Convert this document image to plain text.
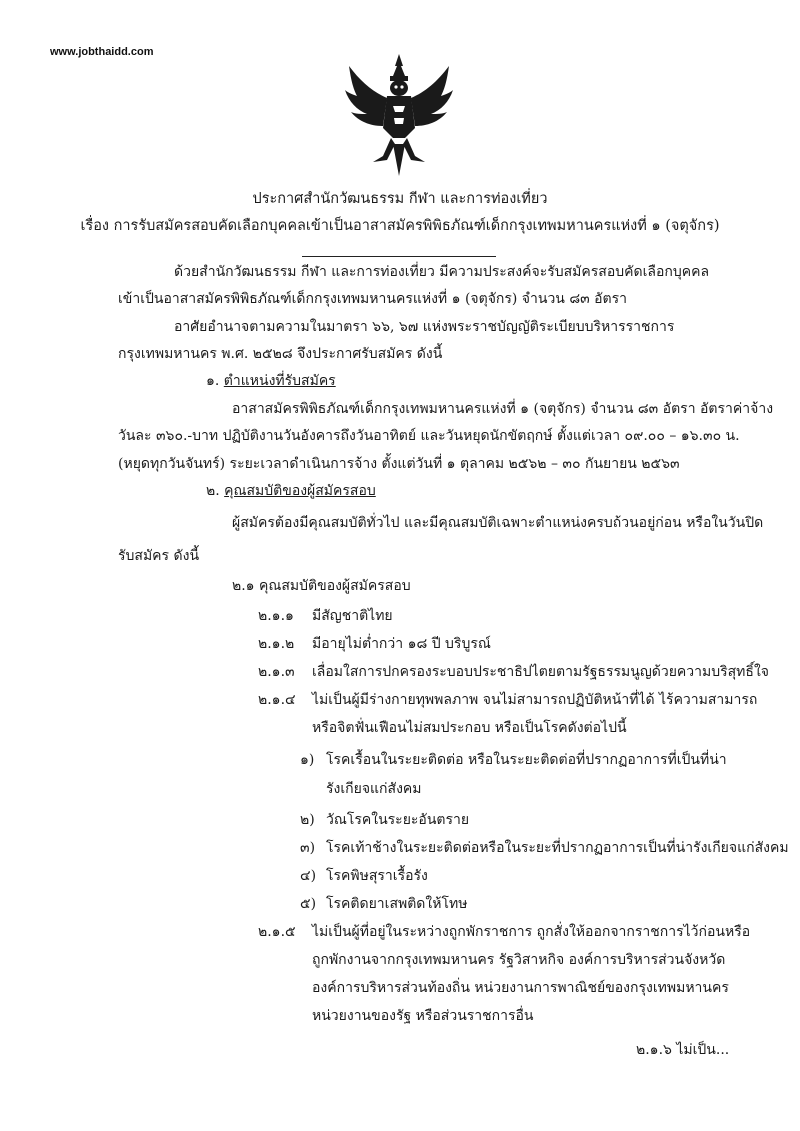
www.jobthaidd.com
ประกาศสำนักวัฒนธรรม กีฬา และการท่องเที่ยว
เรื่อง การรับสมัครสอบคัดเลือกบุคคลเข้าเป็นอาสาสมัครพิพิธภัณฑ์เด็กกรุงเทพมหานครแห่งที่ ๑ (จตุจักร)
ด้วยสำนักวัฒนธรรม กีฬา และการท่องเที่ยว มีความประสงค์จะรับสมัครสอบคัดเลือกบุคคล
เข้าเป็นอาสาสมัครพิพิธภัณฑ์เด็กกรุงเทพมหานครแห่งที่ ๑ (จตุจักร) จำนวน ๘๓ อัตรา
อาศัยอำนาจตามความในมาตรา ๖๖, ๖๗ แห่งพระราชบัญญัติระเบียบบริหารราชการ
กรุงเทพมหานคร พ.ศ. ๒๕๒๘ จึงประกาศรับสมัคร ดังนี้
๑. ตำแหน่งที่รับสมัคร
อาสาสมัครพิพิธภัณฑ์เด็กกรุงเทพมหานครแห่งที่ ๑ (จตุจักร) จำนวน ๘๓ อัตรา อัตราค่าจ้าง
วันละ ๓๖๐.-บาท ปฏิบัติงานวันอังคารถึงวันอาทิตย์ และวันหยุดนักขัตฤกษ์ ตั้งแต่เวลา ๐๙.๐๐ – ๑๖.๓๐ น.
(หยุดทุกวันจันทร์) ระยะเวลาดำเนินการจ้าง ตั้งแต่วันที่ ๑ ตุลาคม ๒๕๖๒ – ๓๐ กันยายน ๒๕๖๓
๒. คุณสมบัติของผู้สมัครสอบ
ผู้สมัครต้องมีคุณสมบัติทั่วไป และมีคุณสมบัติเฉพาะตำแหน่งครบถ้วนอยู่ก่อน หรือในวันปิด
รับสมัคร ดังนี้
๒.๑ คุณสมบัติของผู้สมัครสอบ
๒.๑.๑ มีสัญชาติไทย
๒.๑.๒ มีอายุไม่ต่ำกว่า ๑๘ ปี บริบูรณ์
๒.๑.๓ เลื่อมใสการปกครองระบอบประชาธิปไตยตามรัฐธรรมนูญด้วยความบริสุทธิ์ใจ
๒.๑.๔ ไม่เป็นผู้มีร่างกายทุพพลภาพ จนไม่สามารถปฏิบัติหน้าที่ได้ ไร้ความสามารถ
หรือจิตฟั่นเฟือนไม่สมประกอบ หรือเป็นโรคดังต่อไปนี้
๑) โรคเรื้อนในระยะติดต่อ หรือในระยะติดต่อที่ปรากฏอาการที่เป็นที่น่า
รังเกียจแก่สังคม
๒) วัณโรคในระยะอันตราย
๓) โรคเท้าช้างในระยะติดต่อหรือในระยะที่ปรากฏอาการเป็นที่น่ารังเกียจแก่สังคม
๔) โรคพิษสุราเรื้อรัง
๕) โรคติดยาเสพติดให้โทษ
๒.๑.๕ ไม่เป็นผู้ที่อยู่ในระหว่างถูกพักราชการ ถูกสั่งให้ออกจากราชการไว้ก่อนหรือ
ถูกพักงานจากกรุงเทพมหานคร รัฐวิสาหกิจ องค์การบริหารส่วนจังหวัด
องค์การบริหารส่วนท้องถิ่น หน่วยงานการพาณิชย์ของกรุงเทพมหานคร
หน่วยงานของรัฐ หรือส่วนราชการอื่น
๒.๑.๖ ไม่เป็น...
